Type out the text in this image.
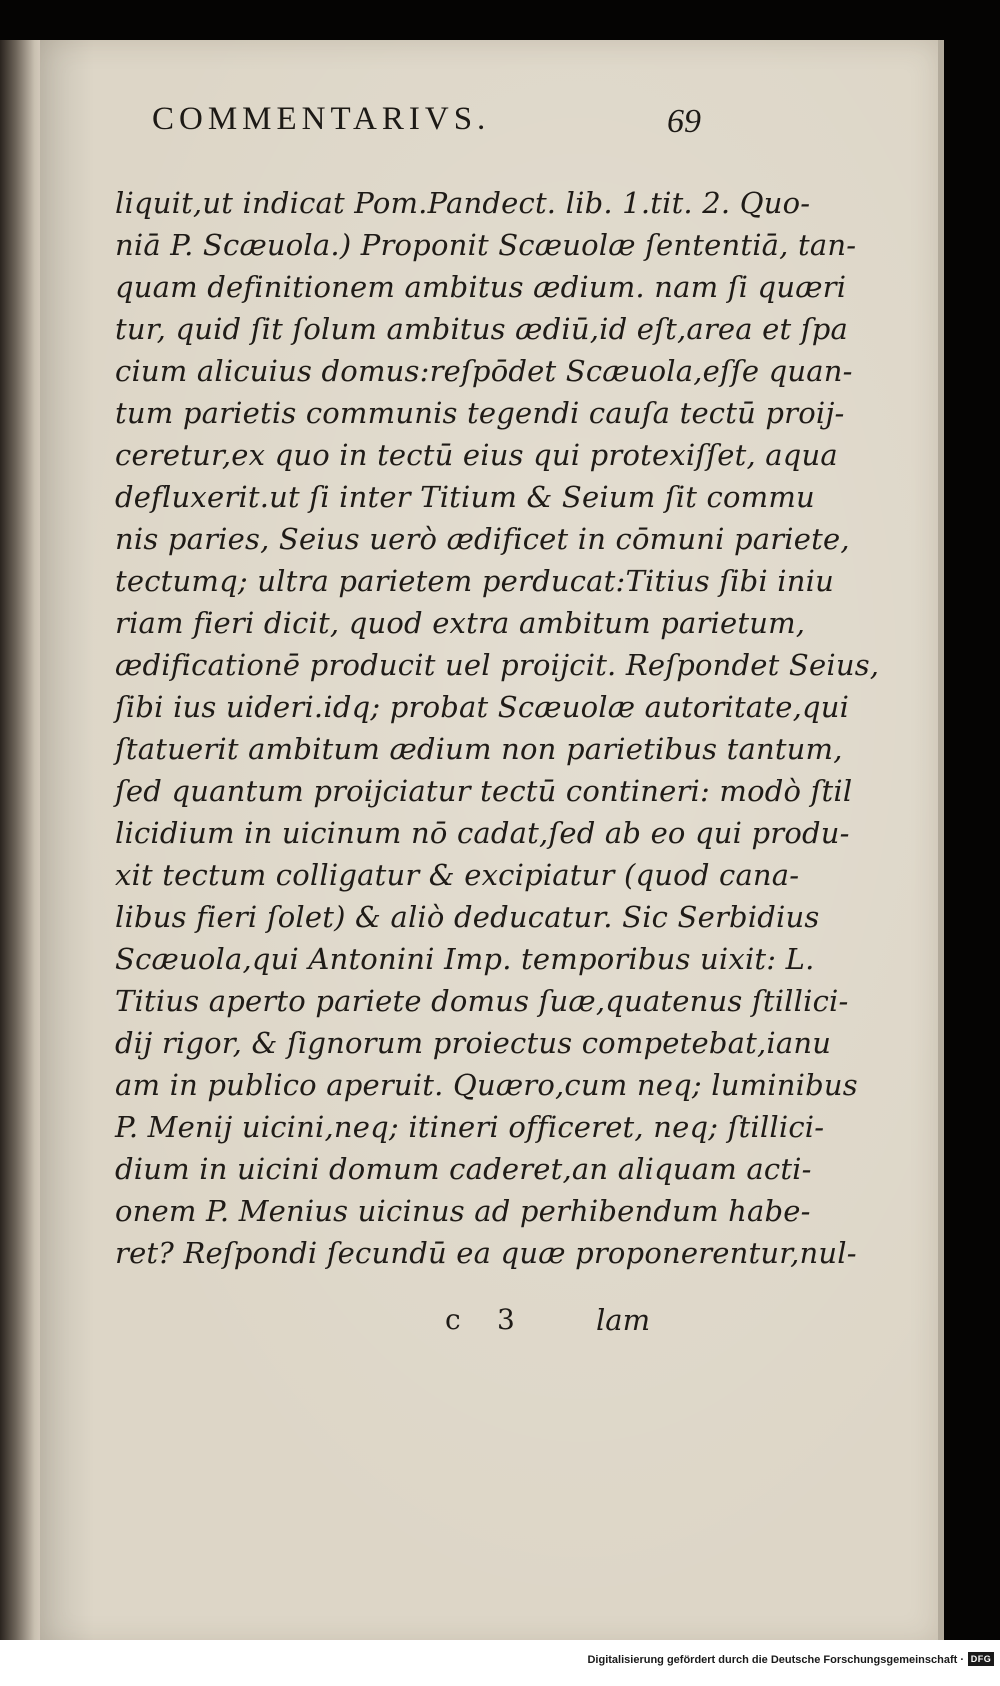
COMMENTARIVS.	69
liquit,ut indicat Pom.Pandect. lib. 1.tit. 2. Quo-
niā P. Scæuola.) Proponit Scæuolæ ſententiā, tan-
quam definitionem ambitus ædium. nam ſi quæri
tur, quid ſit ſolum ambitus ædiū,id eſt,area et ſpa
cium alicuius domus:reſpōdet Scæuola,eſſe quan-
tum parietis communis tegendi cauſa tectū proij-
ceretur,ex quo in tectū eius qui protexiſſet, aqua
defluxerit.ut ſi inter Titium & Seium ſit commu
nis paries, Seius uerò ædificet in cōmuni pariete,
tectumq; ultra parietem perducat:Titius ſibi iniu
riam fieri dicit, quod extra ambitum parietum,
ædificationē producit uel proijcit. Reſpondet Seius,
ſibi ius uideri.idq; probat Scæuolæ autoritate,qui
ſtatuerit ambitum ædium non parietibus tantum,
ſed quantum proijciatur tectū contineri: modò ſtil
licidium in uicinum nō cadat,ſed ab eo qui produ-
xit tectum colligatur & excipiatur (quod cana-
libus fieri ſolet) & aliò deducatur. Sic Serbidius
Scæuola,qui Antonini Imp. temporibus uixit: L.
Titius aperto pariete domus ſuæ,quatenus ſtillici-
dij rigor, & ſignorum proiectus competebat,ianu
am in publico aperuit. Quæro,cum neq; luminibus
P. Menij uicini,neq; itineri officeret, neq; ſtillici-
dium in uicini domum caderet,an aliquam acti-
onem P. Menius uicinus ad perhibendum habe-
ret? Reſpondi ſecundū ea quæ proponerentur,nul-
c 3	lam
Digitalisierung gefördert durch die Deutsche Forschungsgemeinschaft · DFG
